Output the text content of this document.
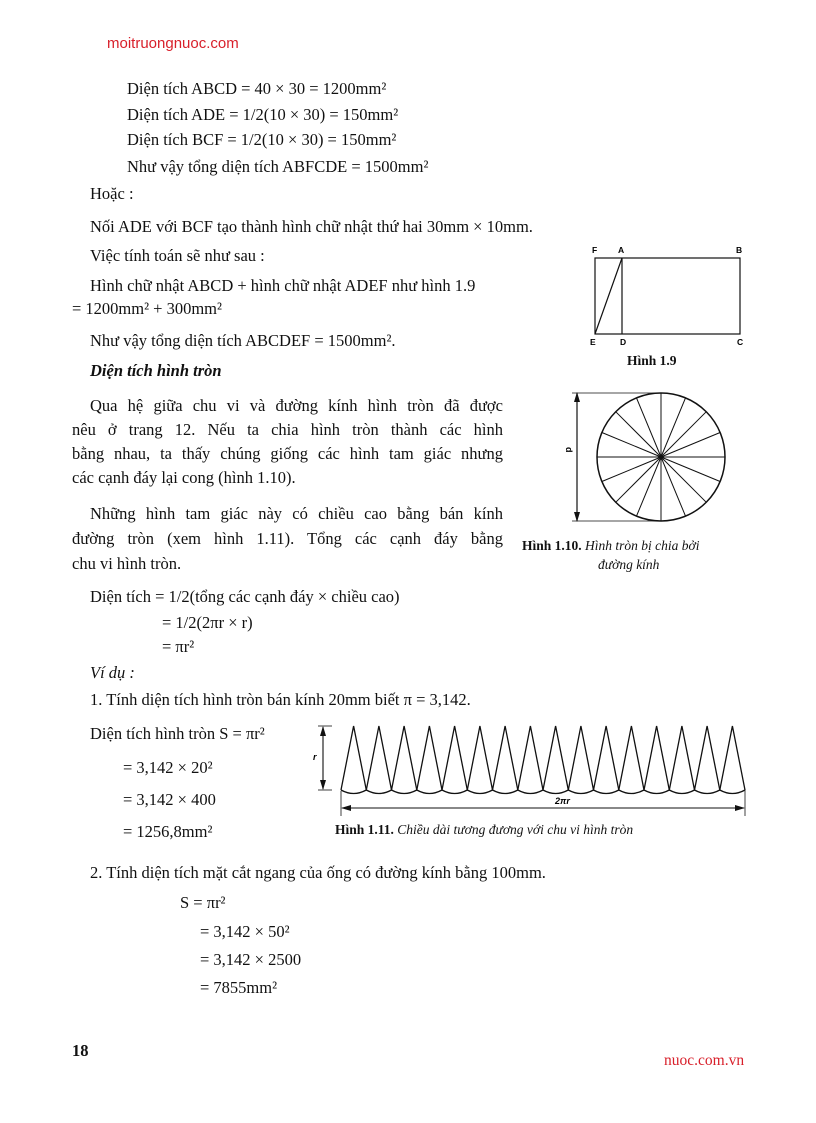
moitruongnuoc.com
Diện tích ABCD = 40 × 30 = 1200mm²
Diện tích ADE = 1/2(10 × 30) = 150mm²
Diện tích BCF = 1/2(10 × 30) = 150mm²
Như vậy tổng diện tích ABFCDE = 1500mm²
Hoặc :
Nối ADE với BCF tạo thành hình chữ nhật thứ hai 30mm × 10mm.
Việc tính toán sẽ như sau :
Hình chữ nhật ABCD + hình chữ nhật ADEF như hình 1.9
= 1200mm² + 300mm²
Như vậy tổng diện tích ABCDEF = 1500mm².
Diện tích hình tròn
F A	B
E	D	C
Hình 1.9
Qua hệ giữa chu vi và đường kính hình tròn đã được
nêu ở trang 12. Nếu ta chia hình tròn thành các hình
bằng nhau, ta thấy chúng giống các hình tam giác nhưng
các cạnh đáy lại cong (hình 1.10).
Những hình tam giác này có chiều cao bằng bán kính
đường tròn (xem hình 1.11). Tổng các cạnh đáy bằng
chu vi hình tròn.
d
Hình 1.10. Hình tròn bị chia bởi
đường kính
Diện tích = 1/2(tổng các cạnh đáy × chiều cao)
= 1/2(2πr × r)
= πr²
Ví dụ :
1. Tính diện tích hình tròn bán kính 20mm biết π = 3,142.
Diện tích hình tròn S = πr²
= 3,142 × 20²
= 3,142 × 400
= 1256,8mm²
r
2πr
Hình 1.11. Chiều dài tương đương với chu vi hình tròn
2. Tính diện tích mặt cắt ngang của ống có đường kính bằng 100mm.
S = πr²
= 3,142 × 50²
= 3,142 × 2500
= 7855mm²
18
nuoc.com.vn
